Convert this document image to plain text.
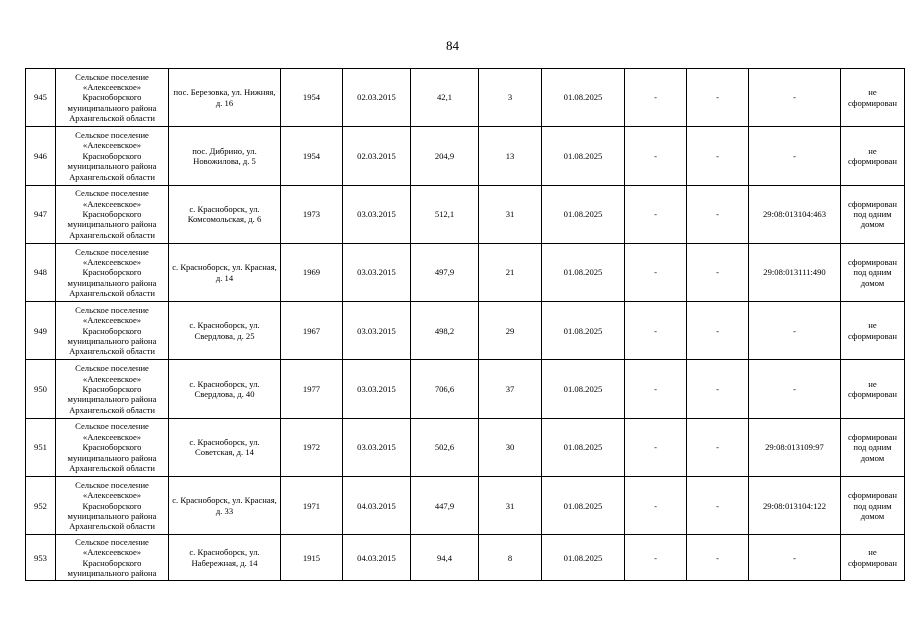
84
945	Сельское поселение «Алексеевское» Красноборского муниципального района Архангельской области	пос. Березовка, ул. Нижняя, д. 16	1954	02.03.2015	42,1	3	01.08.2025	-	-	-	не сформирован
946	Сельское поселение «Алексеевское» Красноборского муниципального района Архангельской области	пос. Дибрино, ул. Новожилова, д. 5	1954	02.03.2015	204,9	13	01.08.2025	-	-	-	не сформирован
947	Сельское поселение «Алексеевское» Красноборского муниципального района Архангельской области	с. Красноборск, ул. Комсомольская, д. 6	1973	03.03.2015	512,1	31	01.08.2025	-	-	29:08:013104:463	сформирован под одним домом
948	Сельское поселение «Алексеевское» Красноборского муниципального района Архангельской области	с. Красноборск, ул. Красная, д. 14	1969	03.03.2015	497,9	21	01.08.2025	-	-	29:08:013111:490	сформирован под одним домом
949	Сельское поселение «Алексеевское» Красноборского муниципального района Архангельской области	с. Красноборск, ул. Свердлова, д. 25	1967	03.03.2015	498,2	29	01.08.2025	-	-	-	не сформирован
950	Сельское поселение «Алексеевское» Красноборского муниципального района Архангельской области	с. Красноборск, ул. Свердлова, д. 40	1977	03.03.2015	706,6	37	01.08.2025	-	-	-	не сформирован
951	Сельское поселение «Алексеевское» Красноборского муниципального района Архангельской области	с. Красноборск, ул. Советская, д. 14	1972	03.03.2015	502,6	30	01.08.2025	-	-	29:08:013109:97	сформирован под одним домом
952	Сельское поселение «Алексеевское» Красноборского муниципального района Архангельской области	с. Красноборск, ул. Красная, д. 33	1971	04.03.2015	447,9	31	01.08.2025	-	-	29:08:013104:122	сформирован под одним домом
953	Сельское поселение «Алексеевское» Красноборского муниципального района	с. Красноборск, ул. Набережная, д. 14	1915	04.03.2015	94,4	8	01.08.2025	-	-	-	не сформирован
